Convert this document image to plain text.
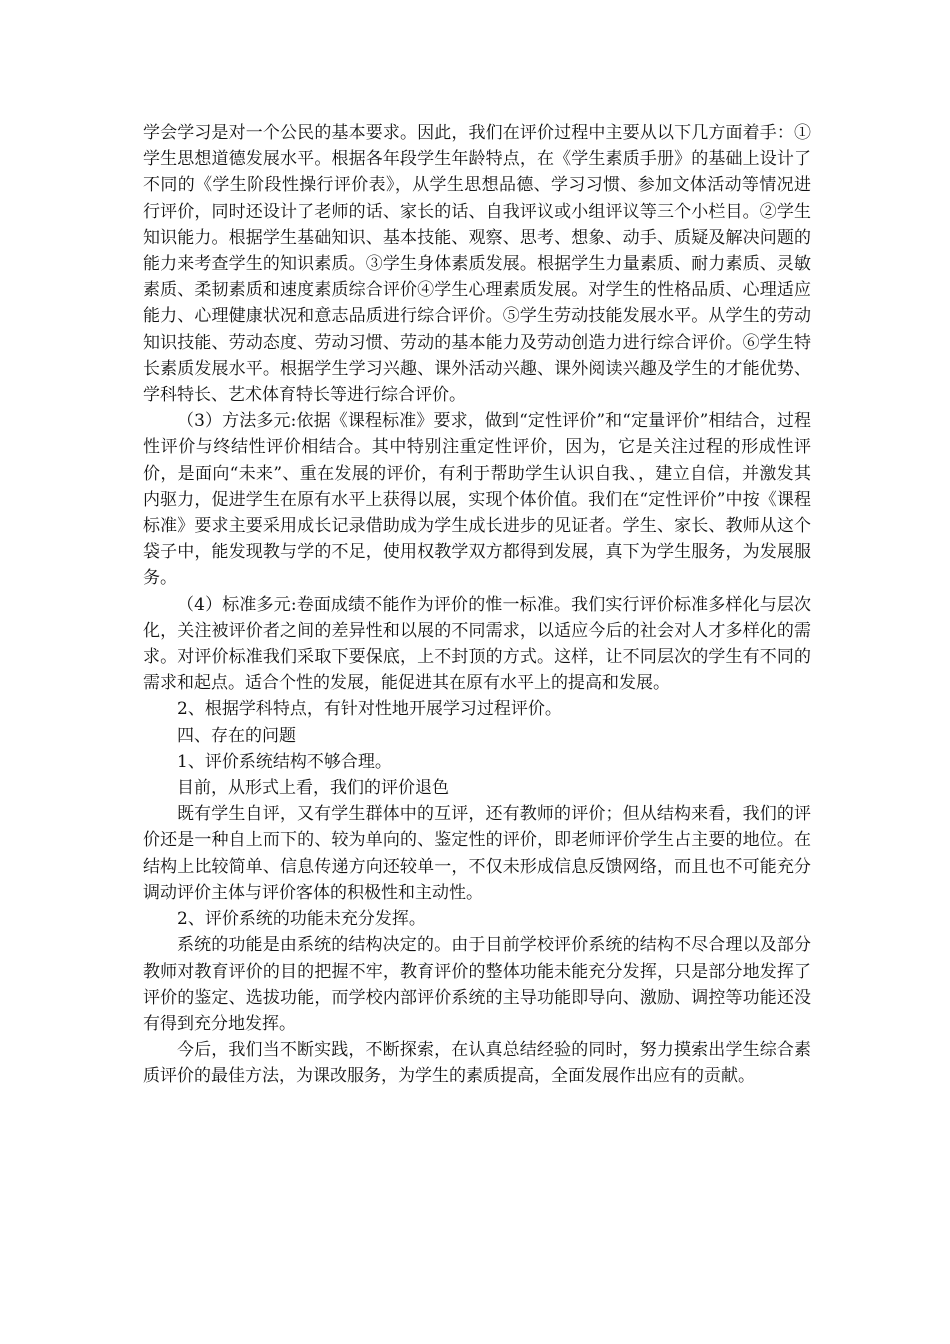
学会学习是对一个公民的基本要求。因此，我们在评价过程中主要从以下几方面着手：①学生思想道德发展水平。根据各年段学生年龄特点，在《学生素质手册》的基础上设计了不同的《学生阶段性操行评价表》，从学生思想品德、学习习惯、参加文体活动等情况进行评价，同时还设计了老师的话、家长的话、自我评议或小组评议等三个小栏目。②学生知识能力。根据学生基础知识、基本技能、观察、思考、想象、动手、质疑及解决问题的能力来考查学生的知识素质。③学生身体素质发展。根据学生力量素质、耐力素质、灵敏素质、柔韧素质和速度素质综合评价④学生心理素质发展。对学生的性格品质、心理适应能力、心理健康状况和意志品质进行综合评价。⑤学生劳动技能发展水平。从学生的劳动知识技能、劳动态度、劳动习惯、劳动的基本能力及劳动创造力进行综合评价。⑥学生特长素质发展水平。根据学生学习兴趣、课外活动兴趣、课外阅读兴趣及学生的才能优势、学科特长、艺术体育特长等进行综合评价。

（3）方法多元:依据《课程标准》要求，做到“定性评价”和“定量评价”相结合，过程性评价与终结性评价相结合。其中特别注重定性评价，因为，它是关注过程的形成性评价，是面向“未来”、重在发展的评价，有利于帮助学生认识自我、，建立自信，并激发其内驱力，促进学生在原有水平上获得以展，实现个体价值。我们在“定性评价”中按《课程标准》要求主要采用成长记录借助成为学生成长进步的见证者。学生、家长、教师从这个袋子中，能发现教与学的不足，使用权教学双方都得到发展，真下为学生服务，为发展服务。

（4）标准多元:卷面成绩不能作为评价的惟一标准。我们实行评价标准多样化与层次化，关注被评价者之间的差异性和以展的不同需求，以适应今后的社会对人才多样化的需求。对评价标准我们采取下要保底，上不封顶的方式。这样，让不同层次的学生有不同的需求和起点。适合个性的发展，能促进其在原有水平上的提高和发展。

2、根据学科特点，有针对性地开展学习过程评价。

四、存在的问题

1、评价系统结构不够合理。

目前，从形式上看，我们的评价退色

既有学生自评，又有学生群体中的互评，还有教师的评价；但从结构来看，我们的评价还是一种自上而下的、较为单向的、鉴定性的评价，即老师评价学生占主要的地位。在结构上比较简单、信息传递方向还较单一，不仅未形成信息反馈网络，而且也不可能充分调动评价主体与评价客体的积极性和主动性。

2、评价系统的功能未充分发挥。

系统的功能是由系统的结构决定的。由于目前学校评价系统的结构不尽合理以及部分教师对教育评价的目的把握不牢，教育评价的整体功能未能充分发挥，只是部分地发挥了评价的鉴定、选拔功能，而学校内部评价系统的主导功能即导向、激励、调控等功能还没有得到充分地发挥。

今后，我们当不断实践，不断探索，在认真总结经验的同时，努力摸索出学生综合素质评价的最佳方法，为课改服务，为学生的素质提高，全面发展作出应有的贡献。
